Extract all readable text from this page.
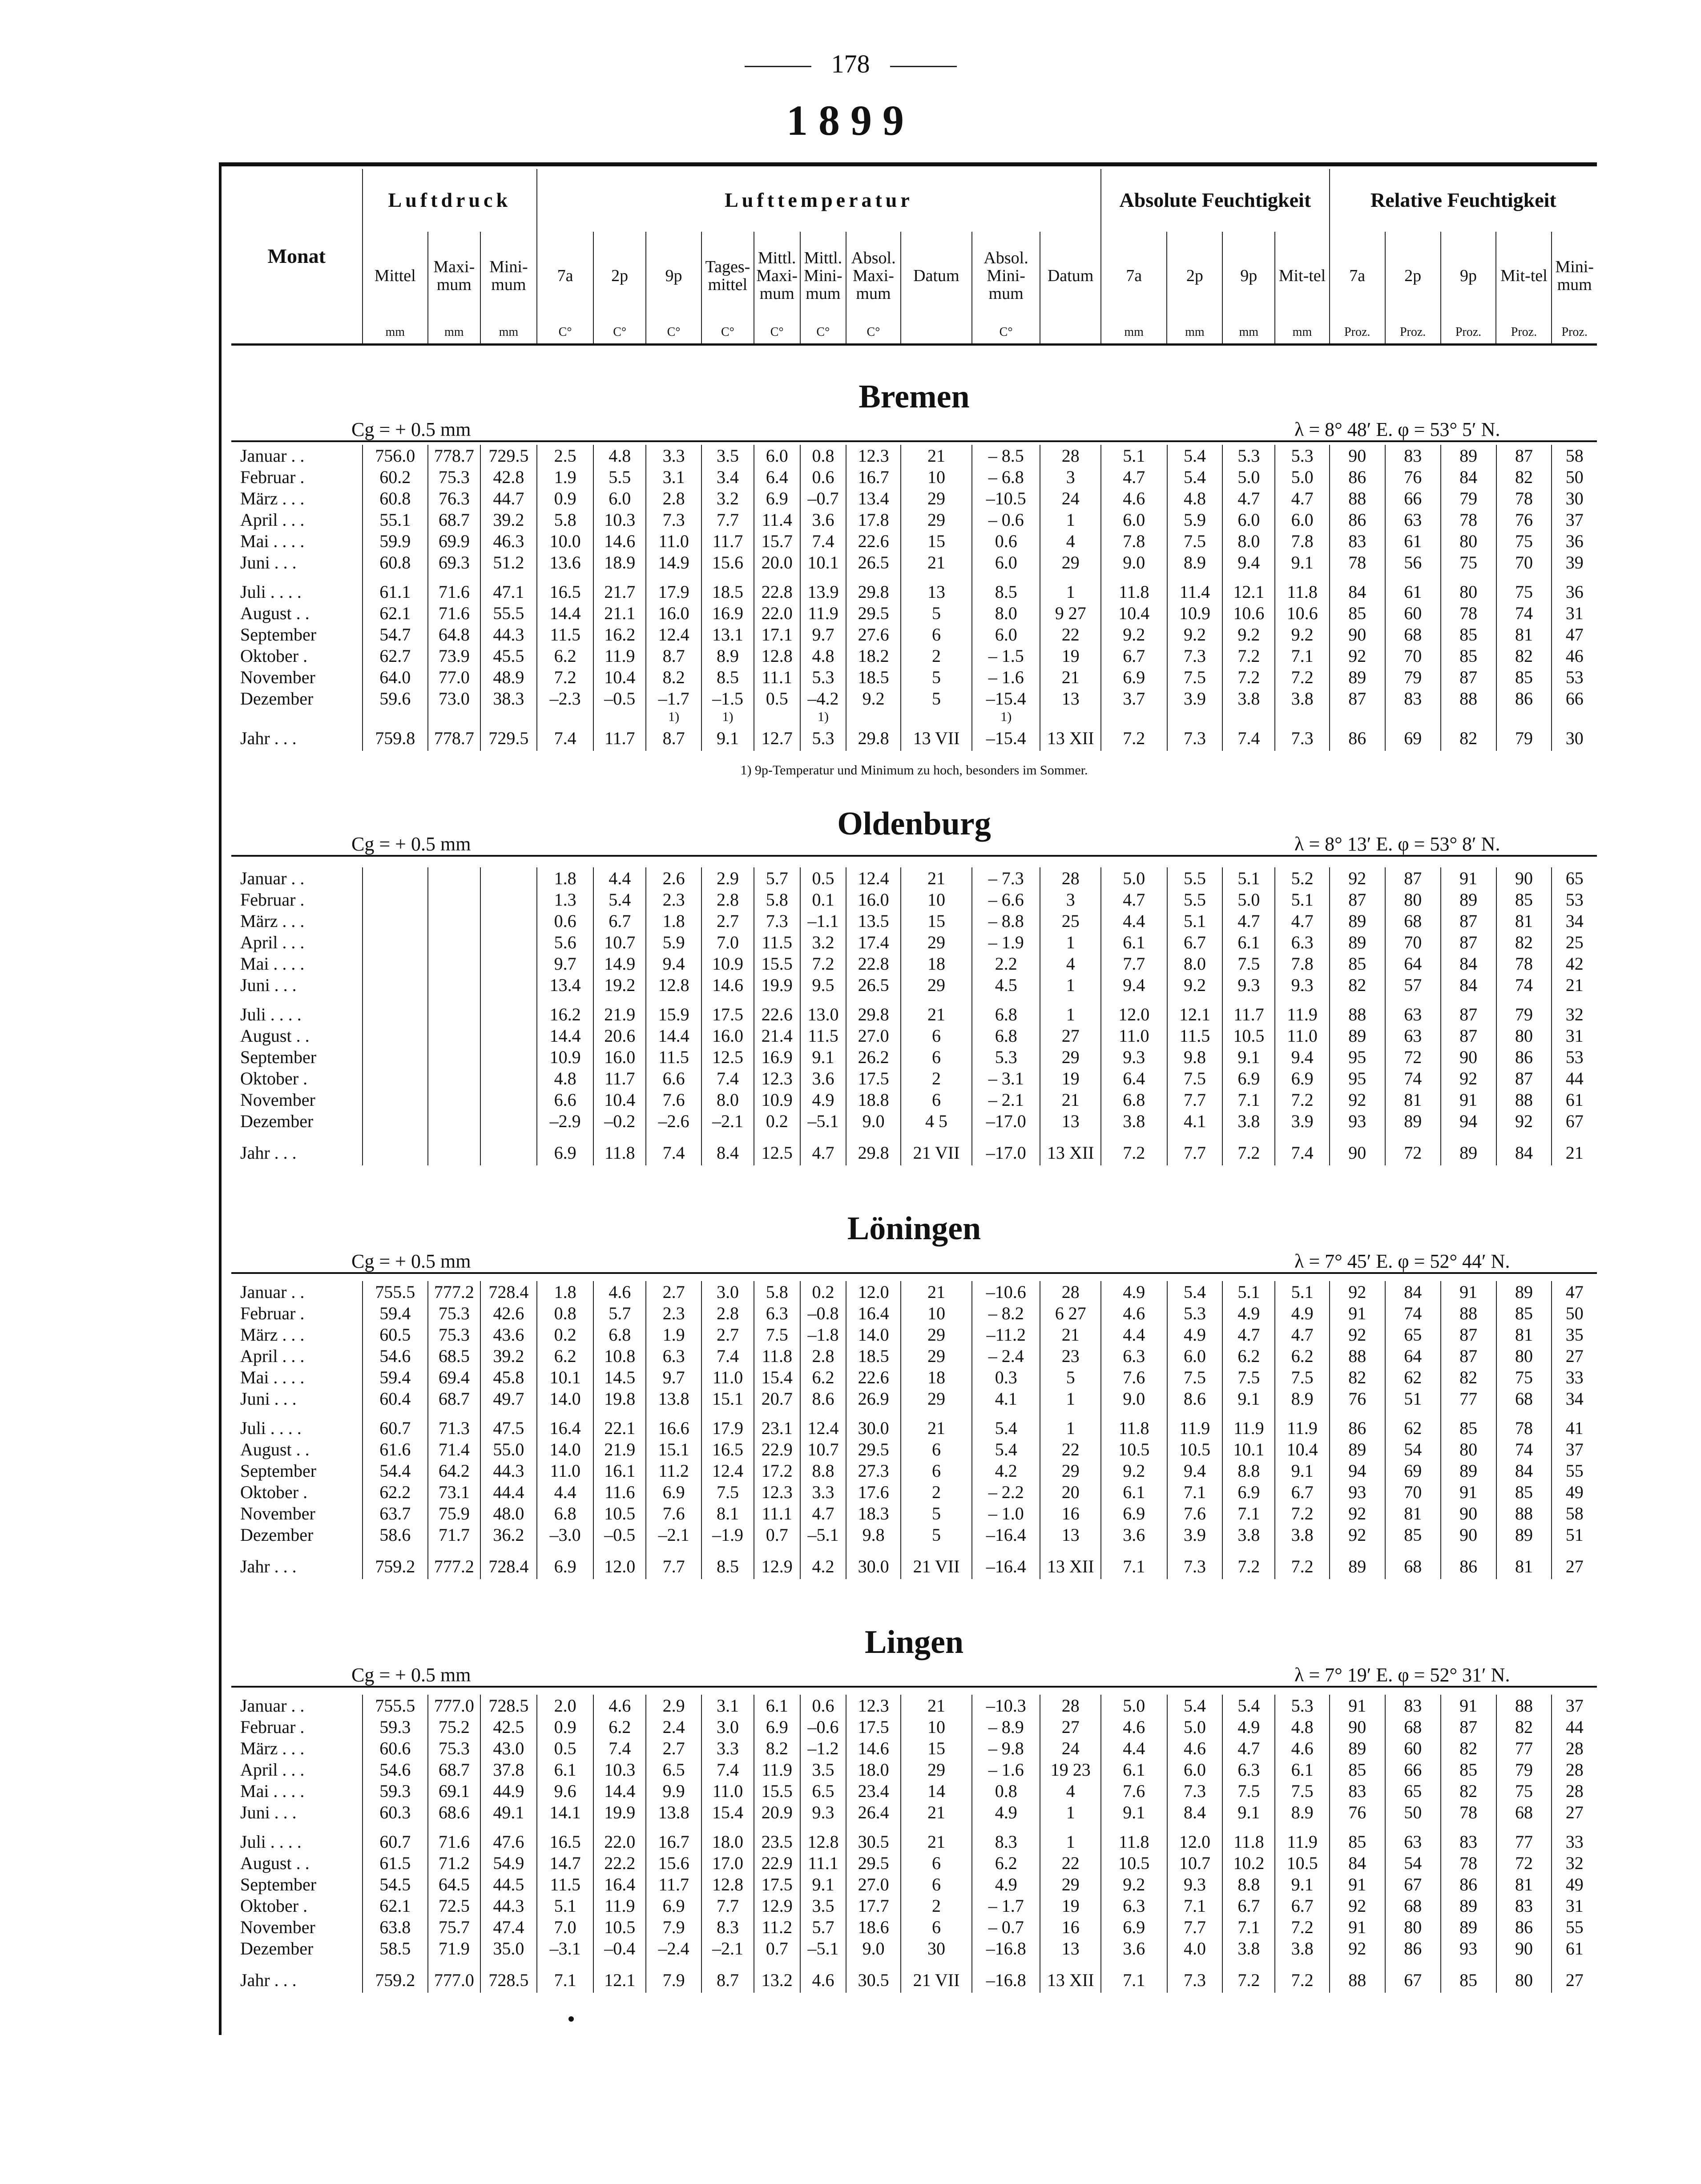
178
1899
Monat	Luftdruck			Lufttemperatur										Absolute Feuchtigkeit				Relative Feuchtigkeit				
	Mittel	Maxi-mum	Mini-mum	7a	2p	9p	Tages-mittel	Mittl. Maxi-mum	Mittl. Mini-mum	Absol. Maxi-mum	Datum	Absol. Mini-mum	Datum	7a	2p	9p	Mit-tel	7a	2p	9p	Mit-tel	Mini-mum
	mm	mm	mm	C°	C°	C°	C°	C°	C°	C°		C°		mm	mm	mm	mm	Proz.	Proz.	Proz.	Proz.	Proz.
Bremen
Cg = + 0.5 mm	λ = 8° 48′ E. φ = 53° 5′ N.
Januar . .	756.0	778.7	729.5	2.5	4.8	3.3	3.5	6.0	0.8	12.3	21	– 8.5	28	5.1	5.4	5.3	5.3	90	83	89	87	58
Februar .	60.2	75.3	42.8	1.9	5.5	3.1	3.4	6.4	0.6	16.7	10	– 6.8	3	4.7	5.4	5.0	5.0	86	76	84	82	50
März . . .	60.8	76.3	44.7	0.9	6.0	2.8	3.2	6.9	–0.7	13.4	29	–10.5	24	4.6	4.8	4.7	4.7	88	66	79	78	30
April . . .	55.1	68.7	39.2	5.8	10.3	7.3	7.7	11.4	3.6	17.8	29	– 0.6	1	6.0	5.9	6.0	6.0	86	63	78	76	37
Mai . . . .	59.9	69.9	46.3	10.0	14.6	11.0	11.7	15.7	7.4	22.6	15	0.6	4	7.8	7.5	8.0	7.8	83	61	80	75	36
Juni . . .	60.8	69.3	51.2	13.6	18.9	14.9	15.6	20.0	10.1	26.5	21	6.0	29	9.0	8.9	9.4	9.1	78	56	75	70	39

Juli . . . .	61.1	71.6	47.1	16.5	21.7	17.9	18.5	22.8	13.9	29.8	13	8.5	1	11.8	11.4	12.1	11.8	84	61	80	75	36
August . .	62.1	71.6	55.5	14.4	21.1	16.0	16.9	22.0	11.9	29.5	5	8.0	9 27	10.4	10.9	10.6	10.6	85	60	78	74	31
September	54.7	64.8	44.3	11.5	16.2	12.4	13.1	17.1	9.7	27.6	6	6.0	22	9.2	9.2	9.2	9.2	90	68	85	81	47
Oktober .	62.7	73.9	45.5	6.2	11.9	8.7	8.9	12.8	4.8	18.2	2	– 1.5	19	6.7	7.3	7.2	7.1	92	70	85	82	46
November	64.0	77.0	48.9	7.2	10.4	8.2	8.5	11.1	5.3	18.5	5	– 1.6	21	6.9	7.5	7.2	7.2	89	79	87	85	53
Dezember	59.6	73.0	38.3	–2.3	–0.5	–1.7	–1.5	0.5	–4.2	9.2	5	–15.4	13	3.7	3.9	3.8	3.8	87	83	88	86	66
						1)	1)		1)			1)										
Jahr . . .	759.8	778.7	729.5	7.4	11.7	8.7	9.1	12.7	5.3	29.8	13 VII	–15.4	13 XII	7.2	7.3	7.4	7.3	86	69	82	79	30
1) 9p-Temperatur und Minimum zu hoch, besonders im Sommer.
Oldenburg
Cg = + 0.5 mm	λ = 8° 13′ E. φ = 53° 8′ N.
Januar . .				1.8	4.4	2.6	2.9	5.7	0.5	12.4	21	– 7.3	28	5.0	5.5	5.1	5.2	92	87	91	90	65
Februar .				1.3	5.4	2.3	2.8	5.8	0.1	16.0	10	– 6.6	3	4.7	5.5	5.0	5.1	87	80	89	85	53
März . . .				0.6	6.7	1.8	2.7	7.3	–1.1	13.5	15	– 8.8	25	4.4	5.1	4.7	4.7	89	68	87	81	34
April . . .				5.6	10.7	5.9	7.0	11.5	3.2	17.4	29	– 1.9	1	6.1	6.7	6.1	6.3	89	70	87	82	25
Mai . . . .				9.7	14.9	9.4	10.9	15.5	7.2	22.8	18	2.2	4	7.7	8.0	7.5	7.8	85	64	84	78	42
Juni . . .				13.4	19.2	12.8	14.6	19.9	9.5	26.5	29	4.5	1	9.4	9.2	9.3	9.3	82	57	84	74	21

Juli . . . .				16.2	21.9	15.9	17.5	22.6	13.0	29.8	21	6.8	1	12.0	12.1	11.7	11.9	88	63	87	79	32
August . .				14.4	20.6	14.4	16.0	21.4	11.5	27.0	6	6.8	27	11.0	11.5	10.5	11.0	89	63	87	80	31
September				10.9	16.0	11.5	12.5	16.9	9.1	26.2	6	5.3	29	9.3	9.8	9.1	9.4	95	72	90	86	53
Oktober .				4.8	11.7	6.6	7.4	12.3	3.6	17.5	2	– 3.1	19	6.4	7.5	6.9	6.9	95	74	92	87	44
November				6.6	10.4	7.6	8.0	10.9	4.9	18.8	6	– 2.1	21	6.8	7.7	7.1	7.2	92	81	91	88	61
Dezember				–2.9	–0.2	–2.6	–2.1	0.2	–5.1	9.0	4 5	–17.0	13	3.8	4.1	3.8	3.9	93	89	94	92	67

Jahr . . .				6.9	11.8	7.4	8.4	12.5	4.7	29.8	21 VII	–17.0	13 XII	7.2	7.7	7.2	7.4	90	72	89	84	21
Löningen
Cg = + 0.5 mm	λ = 7° 45′ E. φ = 52° 44′ N.
Januar . .	755.5	777.2	728.4	1.8	4.6	2.7	3.0	5.8	0.2	12.0	21	–10.6	28	4.9	5.4	5.1	5.1	92	84	91	89	47
Februar .	59.4	75.3	42.6	0.8	5.7	2.3	2.8	6.3	–0.8	16.4	10	– 8.2	6 27	4.6	5.3	4.9	4.9	91	74	88	85	50
März . . .	60.5	75.3	43.6	0.2	6.8	1.9	2.7	7.5	–1.8	14.0	29	–11.2	21	4.4	4.9	4.7	4.7	92	65	87	81	35
April . . .	54.6	68.5	39.2	6.2	10.8	6.3	7.4	11.8	2.8	18.5	29	– 2.4	23	6.3	6.0	6.2	6.2	88	64	87	80	27
Mai . . . .	59.4	69.4	45.8	10.1	14.5	9.7	11.0	15.4	6.2	22.6	18	0.3	5	7.6	7.5	7.5	7.5	82	62	82	75	33
Juni . . .	60.4	68.7	49.7	14.0	19.8	13.8	15.1	20.7	8.6	26.9	29	4.1	1	9.0	8.6	9.1	8.9	76	51	77	68	34

Juli . . . .	60.7	71.3	47.5	16.4	22.1	16.6	17.9	23.1	12.4	30.0	21	5.4	1	11.8	11.9	11.9	11.9	86	62	85	78	41
August . .	61.6	71.4	55.0	14.0	21.9	15.1	16.5	22.9	10.7	29.5	6	5.4	22	10.5	10.5	10.1	10.4	89	54	80	74	37
September	54.4	64.2	44.3	11.0	16.1	11.2	12.4	17.2	8.8	27.3	6	4.2	29	9.2	9.4	8.8	9.1	94	69	89	84	55
Oktober .	62.2	73.1	44.4	4.4	11.6	6.9	7.5	12.3	3.3	17.6	2	– 2.2	20	6.1	7.1	6.9	6.7	93	70	91	85	49
November	63.7	75.9	48.0	6.8	10.5	7.6	8.1	11.1	4.7	18.3	5	– 1.0	16	6.9	7.6	7.1	7.2	92	81	90	88	58
Dezember	58.6	71.7	36.2	–3.0	–0.5	–2.1	–1.9	0.7	–5.1	9.8	5	–16.4	13	3.6	3.9	3.8	3.8	92	85	90	89	51

Jahr . . .	759.2	777.2	728.4	6.9	12.0	7.7	8.5	12.9	4.2	30.0	21 VII	–16.4	13 XII	7.1	7.3	7.2	7.2	89	68	86	81	27
Lingen
Cg = + 0.5 mm	λ = 7° 19′ E. φ = 52° 31′ N.
Januar . .	755.5	777.0	728.5	2.0	4.6	2.9	3.1	6.1	0.6	12.3	21	–10.3	28	5.0	5.4	5.4	5.3	91	83	91	88	37
Februar .	59.3	75.2	42.5	0.9	6.2	2.4	3.0	6.9	–0.6	17.5	10	– 8.9	27	4.6	5.0	4.9	4.8	90	68	87	82	44
März . . .	60.6	75.3	43.0	0.5	7.4	2.7	3.3	8.2	–1.2	14.6	15	– 9.8	24	4.4	4.6	4.7	4.6	89	60	82	77	28
April . . .	54.6	68.7	37.8	6.1	10.3	6.5	7.4	11.9	3.5	18.0	29	– 1.6	19 23	6.1	6.0	6.3	6.1	85	66	85	79	28
Mai . . . .	59.3	69.1	44.9	9.6	14.4	9.9	11.0	15.5	6.5	23.4	14	0.8	4	7.6	7.3	7.5	7.5	83	65	82	75	28
Juni . . .	60.3	68.6	49.1	14.1	19.9	13.8	15.4	20.9	9.3	26.4	21	4.9	1	9.1	8.4	9.1	8.9	76	50	78	68	27

Juli . . . .	60.7	71.6	47.6	16.5	22.0	16.7	18.0	23.5	12.8	30.5	21	8.3	1	11.8	12.0	11.8	11.9	85	63	83	77	33
August . .	61.5	71.2	54.9	14.7	22.2	15.6	17.0	22.9	11.1	29.5	6	6.2	22	10.5	10.7	10.2	10.5	84	54	78	72	32
September	54.5	64.5	44.5	11.5	16.4	11.7	12.8	17.5	9.1	27.0	6	4.9	29	9.2	9.3	8.8	9.1	91	67	86	81	49
Oktober .	62.1	72.5	44.3	5.1	11.9	6.9	7.7	12.9	3.5	17.7	2	– 1.7	19	6.3	7.1	6.7	6.7	92	68	89	83	31
November	63.8	75.7	47.4	7.0	10.5	7.9	8.3	11.2	5.7	18.6	6	– 0.7	16	6.9	7.7	7.1	7.2	91	80	89	86	55
Dezember	58.5	71.9	35.0	–3.1	–0.4	–2.4	–2.1	0.7	–5.1	9.0	30	–16.8	13	3.6	4.0	3.8	3.8	92	86	93	90	61

Jahr . . .	759.2	777.0	728.5	7.1	12.1	7.9	8.7	13.2	4.6	30.5	21 VII	–16.8	13 XII	7.1	7.3	7.2	7.2	88	67	85	80	27
